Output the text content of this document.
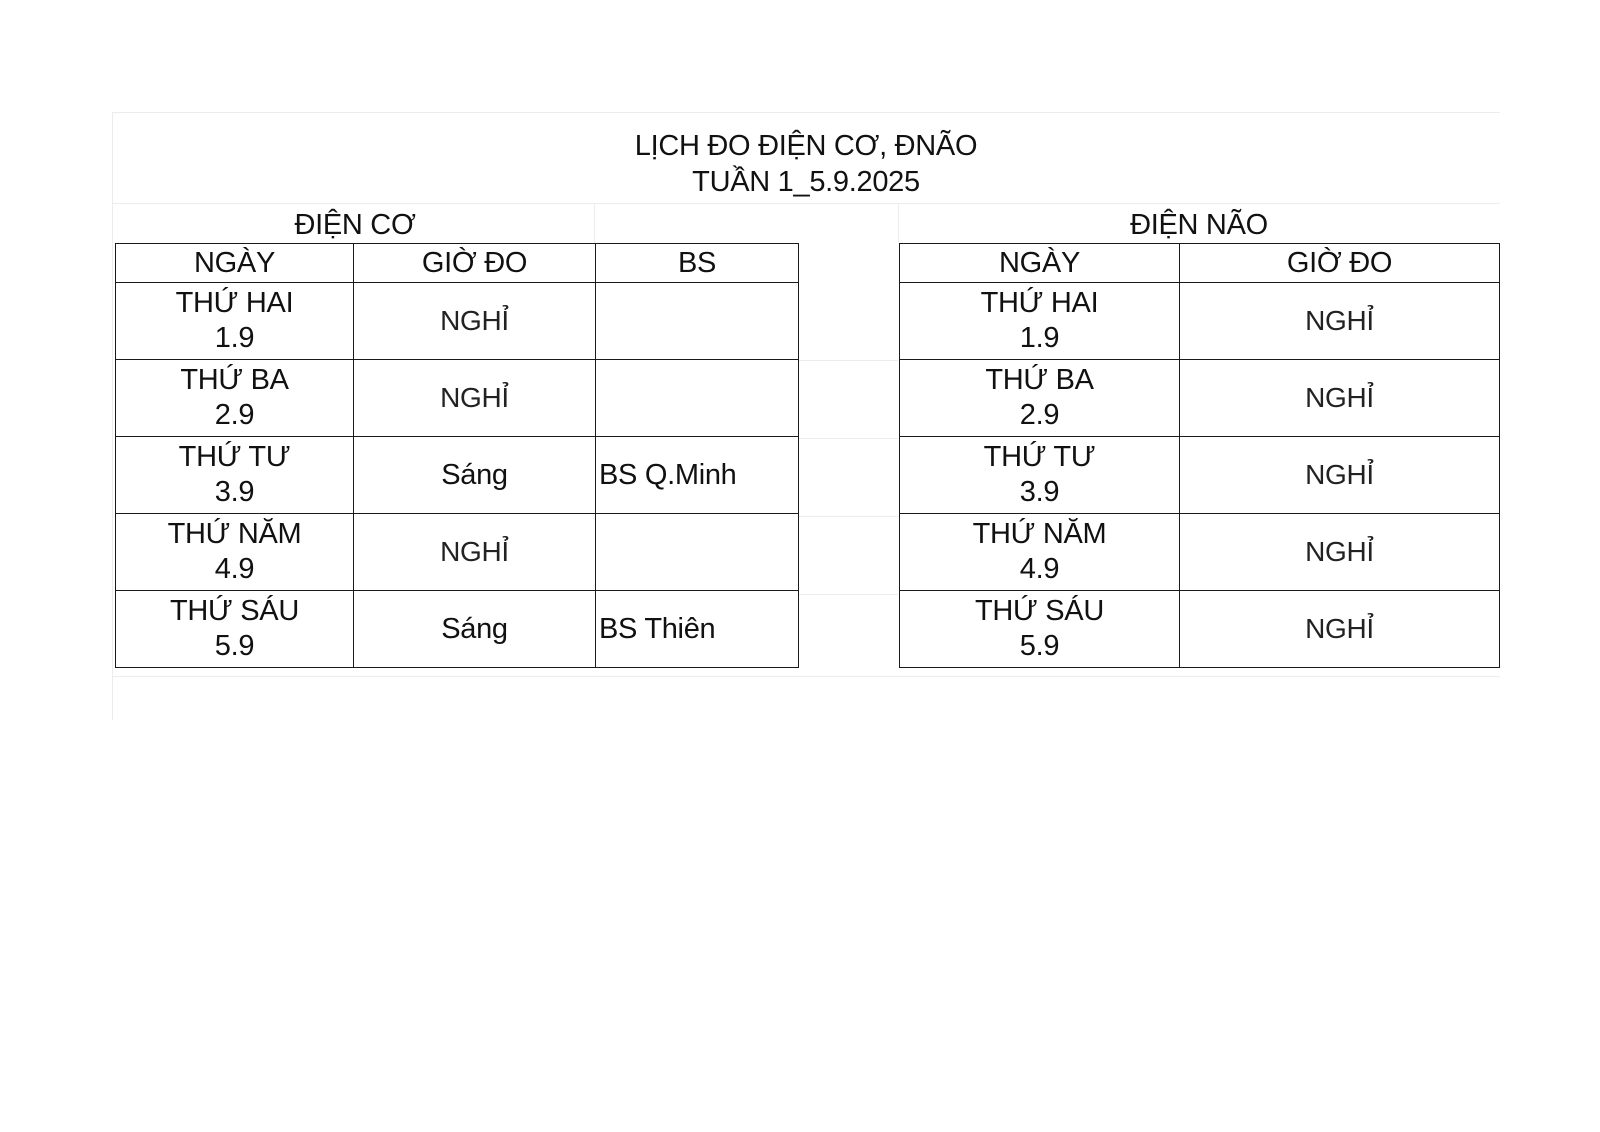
LỊCH ĐO ĐIỆN CƠ, ĐNÃO
TUẦN 1_5.9.2025
ĐIỆN CƠ	ĐIỆN NÃO
NGÀY	GIỜ ĐO	BS

THỨ HAI
1.9	NGHỈ	

THỨ BA
2.9	NGHỈ	

THỨ TƯ
3.9	Sáng	BS Q.Minh

THỨ NĂM
4.9	NGHỈ	

THỨ SÁU
5.9	Sáng	BS Thiên
NGÀY	GIỜ ĐO

THỨ HAI
1.9	NGHỈ

THỨ BA
2.9	NGHỈ

THỨ TƯ
3.9	NGHỈ

THỨ NĂM
4.9	NGHỈ

THỨ SÁU
5.9	NGHỈ
